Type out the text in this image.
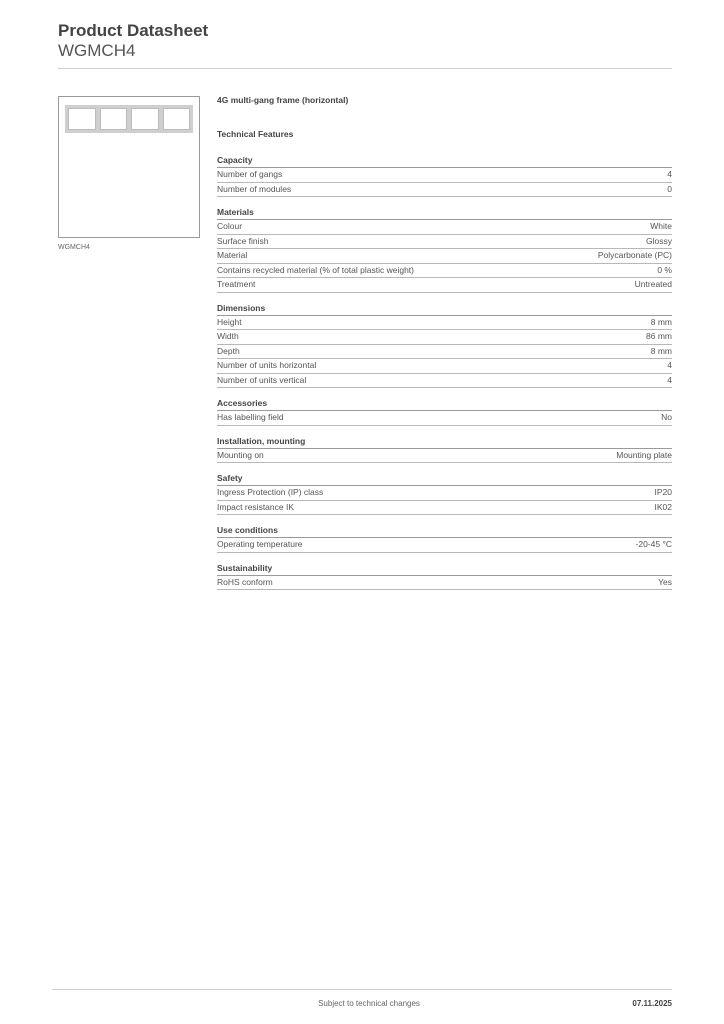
Product Datasheet
WGMCH4
WGMCH4
4G multi-gang frame (horizontal)
Technical Features
Capacity
Number of gangs	4
Number of modules	0
Materials
Colour	White
Surface finish	Glossy
Material	Polycarbonate (PC)
Contains recycled material (% of total plastic weight)	0 %
Treatment	Untreated
Dimensions
Height	8 mm
Width	86 mm
Depth	8 mm
Number of units horizontal	4
Number of units vertical	4
Accessories
Has labelling field	No
Installation, mounting
Mounting on	Mounting plate
Safety
Ingress Protection (IP) class	IP20
Impact resistance IK	IK02
Use conditions
Operating temperature	-20-45 °C
Sustainability
RoHS conform	Yes
Subject to technical changes	07.11.2025
